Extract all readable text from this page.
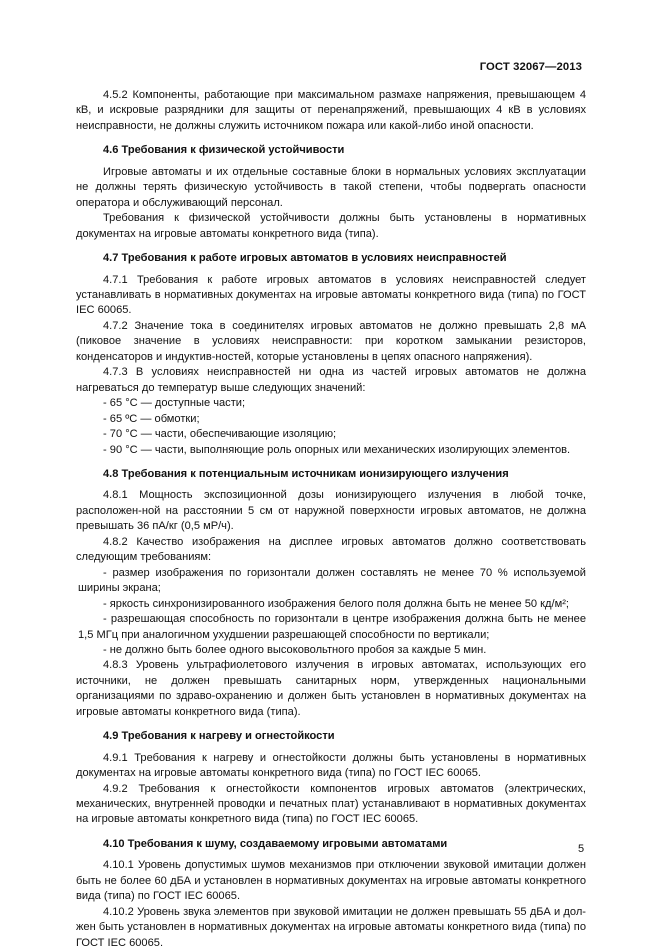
ГОСТ 32067—2013

4.5.2 Компоненты, работающие при максимальном размахе напряжения, превышающем 4 кВ, и искровые разрядники для защиты от перенапряжений, превышающих 4 кВ в условиях неисправности, не должны служить источником пожара или какой-либо иной опасности.

4.6 Требования к физической устойчивости

Игровые автоматы и их отдельные составные блоки в нормальных условиях эксплуатации не должны терять физическую устойчивость в такой степени, чтобы подвергать опасности оператора и обслуживающий персонал.

Требования к физической устойчивости должны быть установлены в нормативных документах на игровые автоматы конкретного вида (типа).

4.7 Требования к работе игровых автоматов в условиях неисправностей

4.7.1 Требования к работе игровых автоматов в условиях неисправностей следует устанавливать в нормативных документах на игровые автоматы конкретного вида (типа) по ГОСТ IEC 60065.

4.7.2 Значение тока в соединителях игровых автоматов не должно превышать 2,8 мА (пиковое значение в условиях неисправности: при коротком замыкании резисторов, конденсаторов и индуктив-ностей, которые установлены в цепях опасного напряжения).

4.7.3 В условиях неисправностей ни одна из частей игровых автоматов не должна нагреваться до температур выше следующих значений:

- 65 °С — доступные части;

- 65 ºС — обмотки;

- 70 °С — части, обеспечивающие изоляцию;

- 90 °С — части, выполняющие роль опорных или механических изолирующих элементов.

4.8 Требования к потенциальным источникам ионизирующего излучения

4.8.1 Мощность экспозиционной дозы ионизирующего излучения в любой точке, расположен-ной на расстоянии 5 см от наружной поверхности игровых автоматов, не должна превышать 36 пА/кг (0,5 мР/ч).

4.8.2 Качество изображения на дисплее игровых автоматов должно соответствовать следующим требованиям:

- размер изображения по горизонтали должен составлять не менее 70 % используемой ширины экрана;

- яркость синхронизированного изображения белого поля должна быть не менее 50 кд/м²;

- разрешающая способность по горизонтали в центре изображения должна быть не менее 1,5 МГц при аналогичном ухудшении разрешающей способности по вертикали;

- не должно быть более одного высоковольтного пробоя за каждые 5 мин.

4.8.3 Уровень ультрафиолетового излучения в игровых автоматах, использующих его источники, не должен превышать санитарных норм, утвержденных национальными организациями по здраво-охранению и должен быть установлен в нормативных документах на игровые автоматы конкретного вида (типа).

4.9 Требования к нагреву и огнестойкости

4.9.1 Требования к нагреву и огнестойкости должны быть установлены в нормативных документах на игровые автоматы конкретного вида (типа) по ГОСТ IEC 60065.

4.9.2 Требования к огнестойкости компонентов игровых автоматов (электрических, механических, внутренней проводки и печатных плат) устанавливают в нормативных документах на игровые автоматы конкретного вида (типа) по ГОСТ IEC 60065.

4.10 Требования к шуму, создаваемому игровыми автоматами

4.10.1 Уровень допустимых шумов механизмов при отключении звуковой имитации должен быть не более 60 дБА и установлен в нормативных документах на игровые автоматы конкретного вида (типа) по ГОСТ IEC 60065.

4.10.2 Уровень звука элементов при звуковой имитации не должен превышать 55 дБА и дол-жен быть установлен в нормативных документах на игровые автоматы конкретного вида (типа) по ГОСТ IEC 60065.

5
